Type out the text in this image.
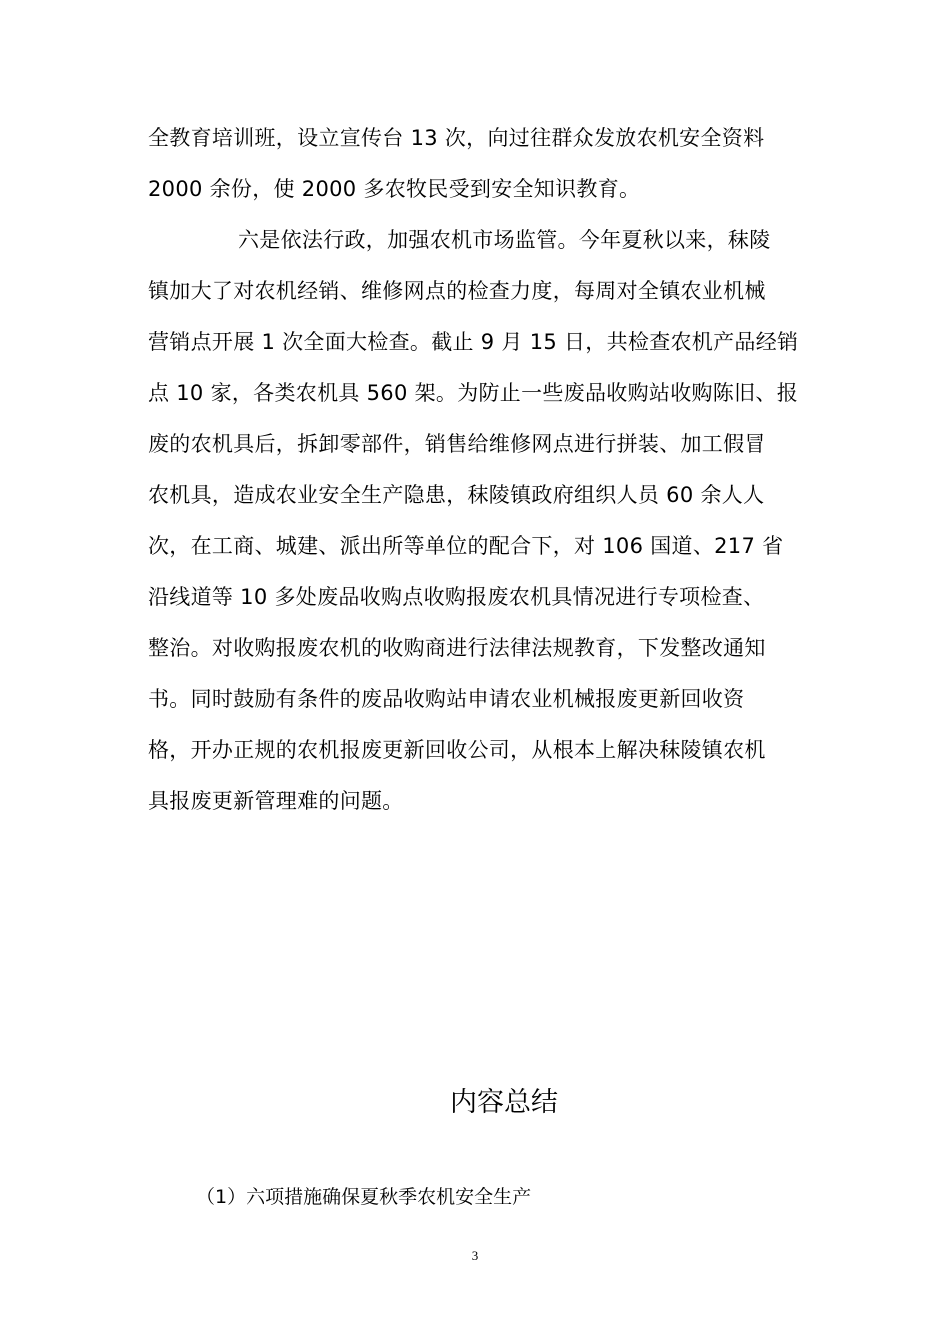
全教育培训班，设立宣传台 13 次，向过往群众发放农机安全资料
2000 余份，使 2000 多农牧民受到安全知识教育。
六是依法行政，加强农机市场监管。今年夏秋以来，秣陵
镇加大了对农机经销、维修网点的检查力度，每周对全镇农业机械
营销点开展 1 次全面大检查。截止 9 月 15 日，共检查农机产品经销
点 10 家，各类农机具 560 架。为防止一些废品收购站收购陈旧、报
废的农机具后，拆卸零部件，销售给维修网点进行拼装、加工假冒
农机具，造成农业安全生产隐患，秣陵镇政府组织人员 60 余人人
次，在工商、城建、派出所等单位的配合下，对 106 国道、217 省
沿线道等 10 多处废品收购点收购报废农机具情况进行专项检查、
整治。对收购报废农机的收购商进行法律法规教育，下发整改通知
书。同时鼓励有条件的废品收购站申请农业机械报废更新回收资
格，开办正规的农机报废更新回收公司，从根本上解决秣陵镇农机
具报废更新管理难的问题。
内容总结
（1）六项措施确保夏秋季农机安全生产
3
